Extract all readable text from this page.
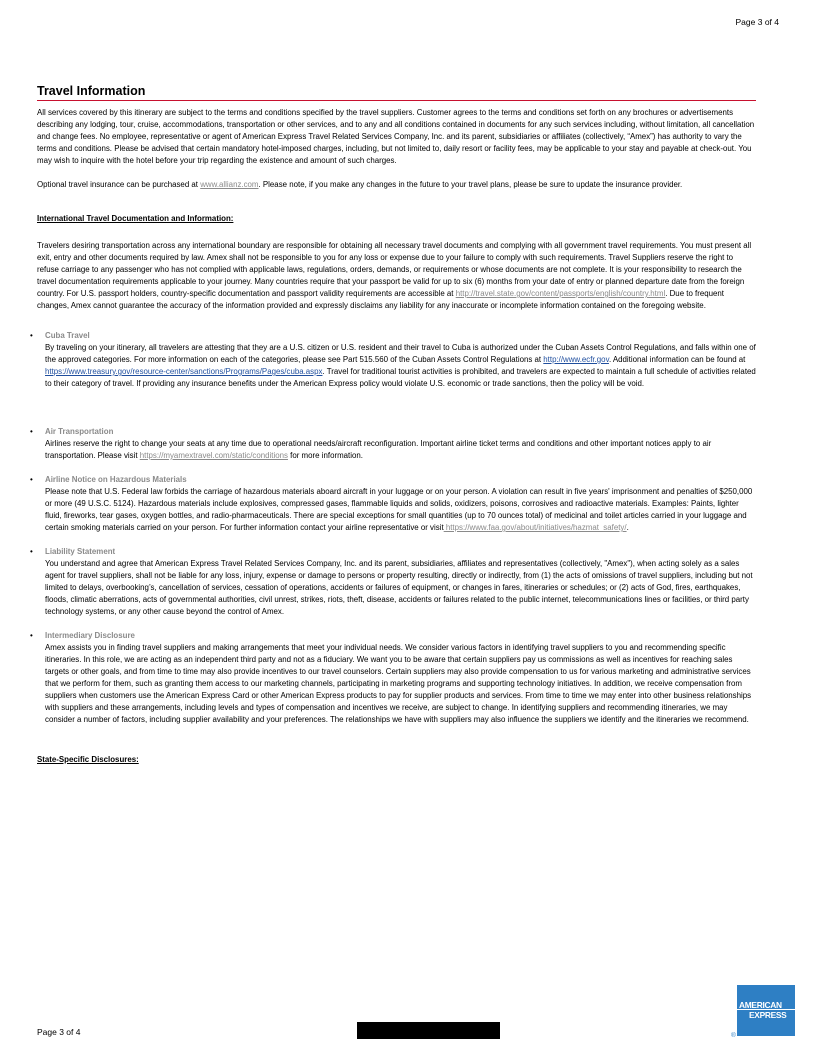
Page 3 of 4
Travel Information

All services covered by this itinerary are subject to the terms and conditions specified by the travel suppliers. Customer agrees to the terms and conditions set forth on any brochures or advertisements describing any lodging, tour, cruise, accommodations, transportation or other services, and to any and all conditions contained in documents for any such services including, without limitation, all cancellation and change fees. No employee, representative or agent of American Express Travel Related Services Company, Inc. and its parent, subsidiaries or affiliates (collectively, “Amex”) has authority to vary the terms and conditions. Please be advised that certain mandatory hotel-imposed charges, including, but not limited to, daily resort or facility fees, may be applicable to your stay and payable at check-out. You may wish to inquire with the hotel before your trip regarding the existence and amount of such charges.

Optional travel insurance can be purchased at www.allianz.com. Please note, if you make any changes in the future to your travel plans, please be sure to update the insurance provider.

International Travel Documentation and Information:

Travelers desiring transportation across any international boundary are responsible for obtaining all necessary travel documents and complying with all government travel requirements. You must present all exit, entry and other documents required by law. Amex shall not be responsible to you for any loss or expense due to your failure to comply with such requirements. Travel Suppliers reserve the right to refuse carriage to any passenger who has not complied with applicable laws, regulations, orders, demands, or requirements or whose documents are not complete. It is your responsibility to research the travel documentation requirements applicable to your journey. Many countries require that your passport be valid for up to six (6) months from your date of entry or planned departure date from the foreign country. For U.S. passport holders, country-specific documentation and passport validity requirements are accessible at http://travel.state.gov/content/passports/english/country.html. Due to frequent changes, Amex cannot guarantee the accuracy of the information provided and expressly disclaims any liability for any inaccurate or incomplete information contained on the foregoing website.

• Cuba Travel
By traveling on your itinerary, all travelers are attesting that they are a U.S. citizen or U.S. resident and their travel to Cuba is authorized under the Cuban Assets Control Regulations, and falls within one of the approved categories. For more information on each of the categories, please see Part 515.560 of the Cuban Assets Control Regulations at http://www.ecfr.gov. Additional information can be found at https://www.treasury.gov/resource-center/sanctions/Programs/Pages/cuba.aspx. Travel for traditional tourist activities is prohibited, and travelers are expected to maintain a full schedule of activities related to their category of travel. If providing any insurance benefits under the American Express policy would violate U.S. economic or trade sanctions, then the policy will be void.
• Air Transportation
Airlines reserve the right to change your seats at any time due to operational needs/aircraft reconfiguration. Important airline ticket terms and conditions and other important notices apply to air transportation. Please visit https://myamextravel.com/static/conditions for more information.
• Airline Notice on Hazardous Materials
Please note that U.S. Federal law forbids the carriage of hazardous materials aboard aircraft in your luggage or on your person. A violation can result in five years' imprisonment and penalties of $250,000 or more (49 U.S.C. 5124). Hazardous materials include explosives, compressed gases, flammable liquids and solids, oxidizers, poisons, corrosives and radioactive materials. Examples: Paints, lighter fluid, fireworks, tear gases, oxygen bottles, and radio-pharmaceuticals. There are special exceptions for small quantities (up to 70 ounces total) of medicinal and toilet articles carried in your luggage and certain smoking materials carried on your person. For further information contact your airline representative or visit https://www.faa.gov/about/initiatives/hazmat_safety/.
• Liability Statement
You understand and agree that American Express Travel Related Services Company, Inc. and its parent, subsidiaries, affiliates and representatives (collectively, "Amex"), when acting solely as a sales agent for travel suppliers, shall not be liable for any loss, injury, expense or damage to persons or property resulting, directly or indirectly, from (1) the acts of omissions of travel suppliers, including but not limited to delays, overbooking’s, cancellation of services, cessation of operations, accidents or failures of equipment, or changes in fares, itineraries or schedules; or (2) acts of God, fires, earthquakes, floods, climatic aberrations, acts of governmental authorities, civil unrest, strikes, riots, theft, disease, accidents or failures related to the public internet, telecommunications lines or facilities, or third party technology systems, or any other cause beyond the control of Amex.
• Intermediary Disclosure
Amex assists you in finding travel suppliers and making arrangements that meet your individual needs. We consider various factors in identifying travel suppliers to you and recommending specific itineraries. In this role, we are acting as an independent third party and not as a fiduciary. We want you to be aware that certain suppliers pay us commissions as well as incentives for reaching sales targets or other goals, and from time to time may also provide incentives to our travel counselors. Certain suppliers may also provide compensation to us for various marketing and administrative services that we perform for them, such as granting them access to our marketing channels, participating in marketing programs and supporting technology initiatives. In addition, we receive compensation from suppliers when customers use the American Express Card or other American Express products to pay for supplier products and services. From time to time we may enter into other business relationships with suppliers and these arrangements, including levels and types of compensation and incentives we receive, are subject to change. In identifying suppliers and recommending itineraries, we may consider a number of factors, including supplier availability and your preferences. The relationships we have with suppliers may also influence the suppliers we identify and the itineraries we recommend.

State-Specific Disclosures:

Page 3 of 4
AMERICAN
EXPRESS
®
